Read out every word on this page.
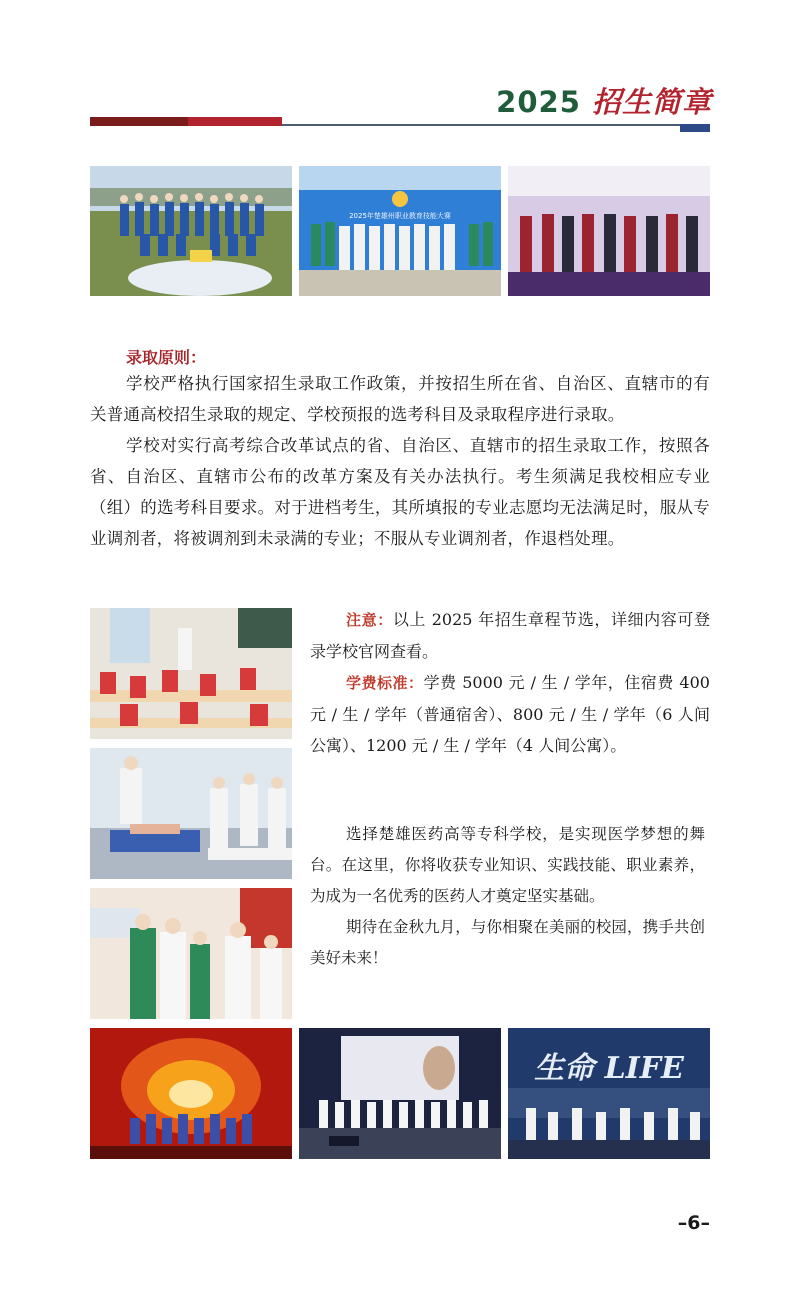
2025 招生简章
2025年楚雄州职业教育技能大赛
录取原则：

学校严格执行国家招生录取工作政策，并按招生所在省、自治区、直辖市的有关普通高校招生录取的规定、学校预报的选考科目及录取程序进行录取。

学校对实行高考综合改革试点的省、自治区、直辖市的招生录取工作，按照各省、自治区、直辖市公布的改革方案及有关办法执行。考生须满足我校相应专业（组）的选考科目要求。对于进档考生，其所填报的专业志愿均无法满足时，服从专业调剂者，将被调剂到未录满的专业；不服从专业调剂者，作退档处理。

注意：以上 2025 年招生章程节选，详细内容可登录学校官网查看。

学费标准：学费 5000 元 / 生 / 学年，住宿费 400 元 / 生 / 学年（普通宿舍）、800 元 / 生 / 学年（6 人间公寓）、1200 元 / 生 / 学年（4 人间公寓）。

选择楚雄医药高等专科学校，是实现医学梦想的舞台。在这里，你将收获专业知识、实践技能、职业素养，为成为一名优秀的医药人才奠定坚实基础。

期待在金秋九月，与你相聚在美丽的校园，携手共创美好未来！

生命 LIFE
–6–
